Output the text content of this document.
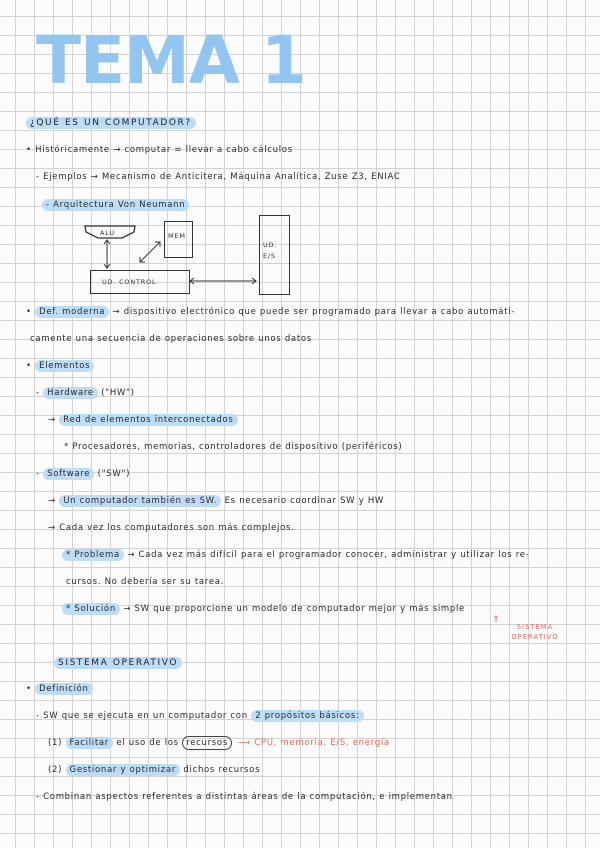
TEMA 1
¿QUÉ ES UN COMPUTADOR?
• Históricamente → computar = llevar a cabo cálculos
- Ejemplos → Mecanismo de Anticitera, Máquina Analítica, Zuse Z3, ENIAC
- Arquitectura Von Neumann
MEM
ALU
UD.
E/S
UD. CONTROL
• Def. moderna → dispositivo electrónico que puede ser programado para llevar a cabo automáti-
camente una secuencia de operaciones sobre unos datos
• Elementos
- Hardware ("HW")
→ Red de elementos interconectados
* Procesadores, memorias, controladores de dispositivo (periféricos)
- Software ("SW")
→ Un computador también es SW. Es necesario coordinar SW y HW
→ Cada vez los computadores son más complejos.
* Problema → Cada vez más difícil para el programador conocer, administrar y utilizar los re-
cursos. No debería ser su tarea.
* Solución → SW que proporcione un modelo de computador mejor y más simple
⇑
SISTEMA OPERATIVO
SISTEMA OPERATIVO
• Definición
- SW que se ejecuta en un computador con 2 propósitos básicos:
(1) Facilitar el uso de los recursos ⟶ CPU, memoria, E/S, energía
(2) Gestionar y optimizar dichos recursos
- Combinan aspectos referentes a distintas áreas de la computación, e implementan
